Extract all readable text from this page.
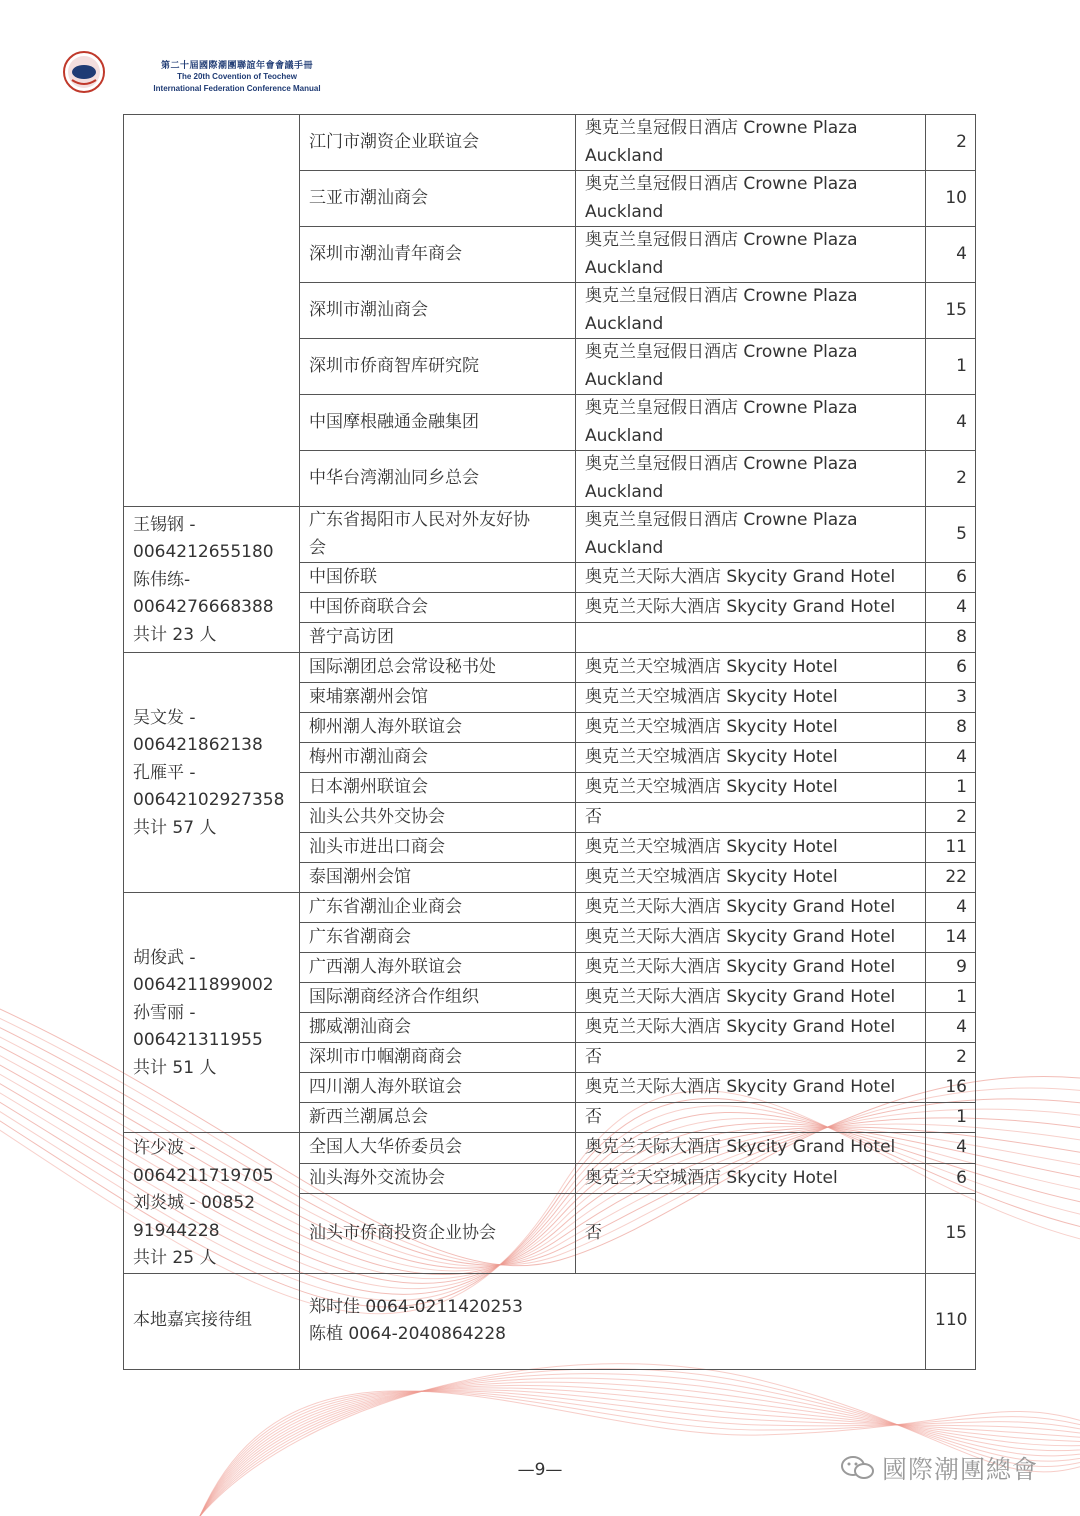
第二十屆國際潮團聯誼年會會議手冊
The 20th Covention of Teochew
International Federation Conference Manual

	江门市潮资企业联谊会	奥克兰皇冠假日酒店 Crowne Plaza
Auckland	2

	三亚市潮汕商会	奥克兰皇冠假日酒店 Crowne Plaza
Auckland	10

	深圳市潮汕青年商会	奥克兰皇冠假日酒店 Crowne Plaza
Auckland	4

	深圳市潮汕商会	奥克兰皇冠假日酒店 Crowne Plaza
Auckland	15

	深圳市侨商智库研究院	奥克兰皇冠假日酒店 Crowne Plaza
Auckland	1

	中国摩根融通金融集团	奥克兰皇冠假日酒店 Crowne Plaza
Auckland	4

	中华台湾潮汕同乡总会	奥克兰皇冠假日酒店 Crowne Plaza
Auckland	2

王锡钢 -
0064212655180
陈伟练-
0064276668388
共计 23 人	广东省揭阳市人民对外友好协
会	奥克兰皇冠假日酒店 Crowne Plaza
Auckland	5

	中国侨联	奥克兰天际大酒店 Skycity Grand Hotel	6

	中国侨商联合会	奥克兰天际大酒店 Skycity Grand Hotel	4

	普宁高访团		8

吴文发 -
006421862138
孔雁平 -
00642102927358
共计 57 人	国际潮团总会常设秘书处	奥克兰天空城酒店 Skycity Hotel	6

	柬埔寨潮州会馆	奥克兰天空城酒店 Skycity Hotel	3

	柳州潮人海外联谊会	奥克兰天空城酒店 Skycity Hotel	8

	梅州市潮汕商会	奥克兰天空城酒店 Skycity Hotel	4

	日本潮州联谊会	奥克兰天空城酒店 Skycity Hotel	1

	汕头公共外交协会	否	2

	汕头市进出口商会	奥克兰天空城酒店 Skycity Hotel	11

	泰国潮州会馆	奥克兰天空城酒店 Skycity Hotel	22

胡俊武 -
0064211899002
孙雪丽 -
006421311955
共计 51 人	广东省潮汕企业商会	奥克兰天际大酒店 Skycity Grand Hotel	4

	广东省潮商会	奥克兰天际大酒店 Skycity Grand Hotel	14

	广西潮人海外联谊会	奥克兰天际大酒店 Skycity Grand Hotel	9

	国际潮商经济合作组织	奥克兰天际大酒店 Skycity Grand Hotel	1

	挪威潮汕商会	奥克兰天际大酒店 Skycity Grand Hotel	4

	深圳市巾帼潮商商会	否	2

	四川潮人海外联谊会	奥克兰天际大酒店 Skycity Grand Hotel	16

	新西兰潮属总会	否	1

许少波 -
0064211719705
刘炎城 - 00852
91944228
共计 25 人	全国人大华侨委员会	奥克兰天际大酒店 Skycity Grand Hotel	4

	汕头海外交流协会	奥克兰天空城酒店 Skycity Hotel	6

	汕头市侨商投资企业协会	否	15
本地嘉宾接待组	郑时佳 0064-0211420253
陈植 0064-2040864228		110
—9—	國際潮團總會
